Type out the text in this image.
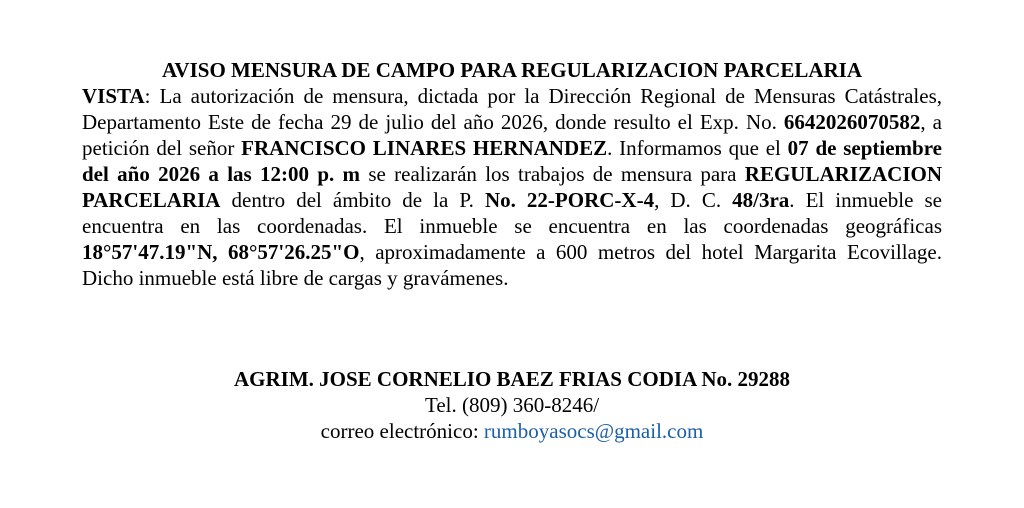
AVISO MENSURA DE CAMPO PARA REGULARIZACION PARCELARIA

VISTA: La autorización de mensura, dictada por la Dirección Regional de Mensuras Catástrales, Departamento Este de fecha 29 de julio del año 2026, donde resulto el Exp. No. 6642026070582, a petición del señor FRANCISCO LINARES HERNANDEZ. Informamos que el 07 de septiembre del año 2026 a las 12:00 p. m se realizarán los trabajos de mensura para REGULARIZACION PARCELARIA dentro del ámbito de la P. No. 22-PORC-X-4, D. C. 48/3ra. El inmueble se encuentra en las coordenadas. El inmueble se encuentra en las coordenadas geográficas 18°57'47.19"N, 68°57'26.25"O, aproximadamente a 600 metros del hotel Margarita Ecovillage. Dicho inmueble está libre de cargas y gravámenes.

AGRIM. JOSE CORNELIO BAEZ FRIAS CODIA No. 29288
Tel. (809) 360-8246/
correo electrónico: rumboyasocs@gmail.com
